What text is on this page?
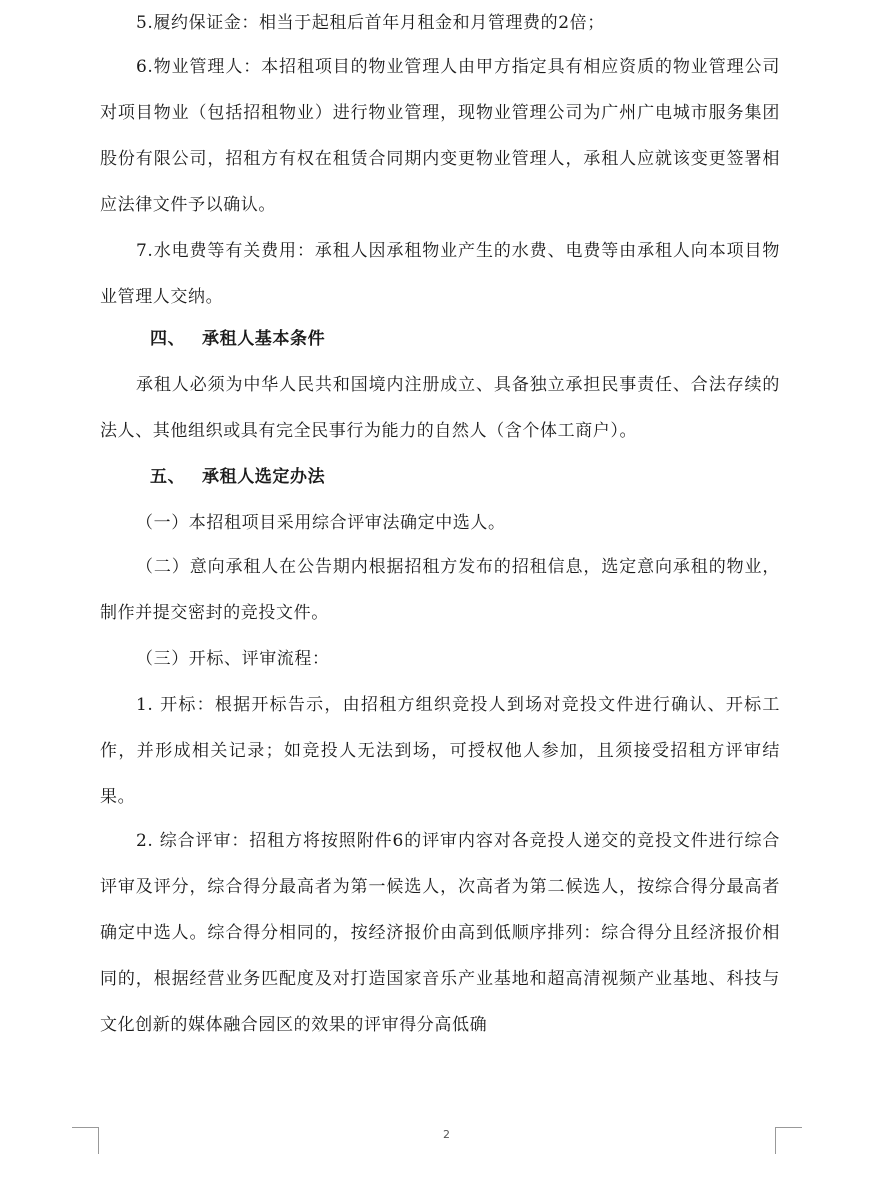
5.履约保证金：相当于起租后首年月租金和月管理费的2倍；

6.物业管理人：本招租项目的物业管理人由甲方指定具有相应资质的物业管理公司对项目物业（包括招租物业）进行物业管理，现物业管理公司为广州广电城市服务集团股份有限公司，招租方有权在租赁合同期内变更物业管理人，承租人应就该变更签署相应法律文件予以确认。

7.水电费等有关费用：承租人因承租物业产生的水费、电费等由承租人向本项目物业管理人交纳。

四、 承租人基本条件

承租人必须为中华人民共和国境内注册成立、具备独立承担民事责任、合法存续的法人、其他组织或具有完全民事行为能力的自然人（含个体工商户）。

五、 承租人选定办法

（一）本招租项目采用综合评审法确定中选人。

（二）意向承租人在公告期内根据招租方发布的招租信息，选定意向承租的物业，制作并提交密封的竞投文件。

（三）开标、评审流程：

1. 开标：根据开标告示，由招租方组织竞投人到场对竞投文件进行确认、开标工作，并形成相关记录；如竞投人无法到场，可授权他人参加，且须接受招租方评审结果。

2. 综合评审：招租方将按照附件6的评审内容对各竞投人递交的竞投文件进行综合评审及评分，综合得分最高者为第一候选人，次高者为第二候选人，按综合得分最高者确定中选人。综合得分相同的，按经济报价由高到低顺序排列：综合得分且经济报价相同的，根据经营业务匹配度及对打造国家音乐产业基地和超高清视频产业基地、科技与文化创新的媒体融合园区的效果的评审得分高低确

2
